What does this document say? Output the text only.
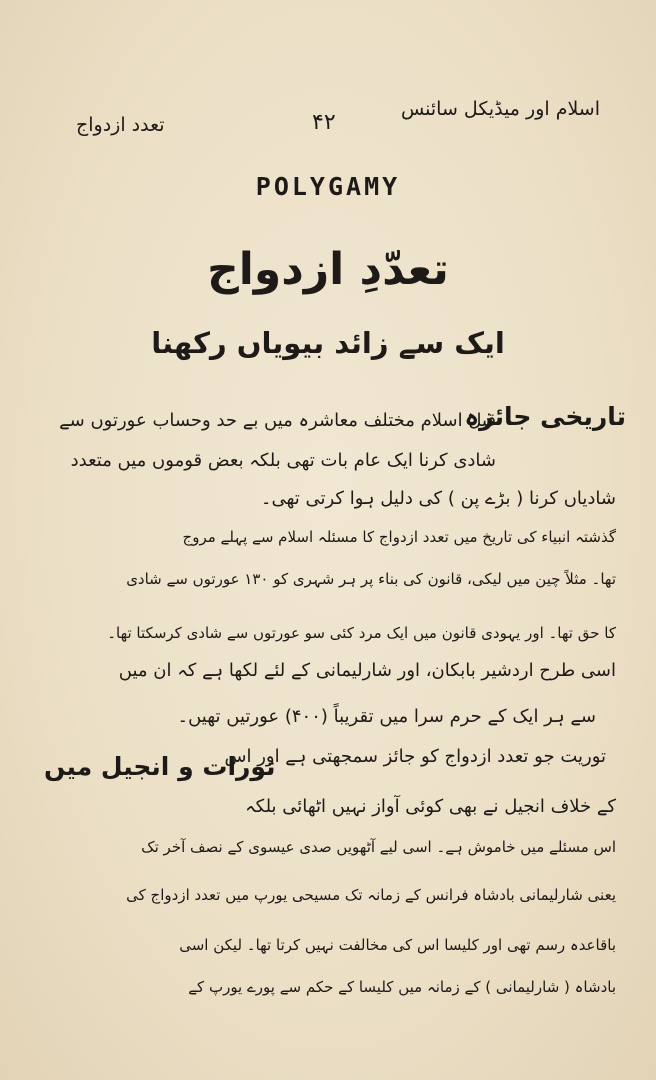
تعدد ازدواج	۴۲
اسلام اور میڈیکل سائنس
POLYGAMY
تعدّدِ ازدواج
ایک سے زائد بیویاں رکھنا
تاریخی جائزہ
قبل اسلام مختلف معاشرہ میں بے حد وحساب عورتوں سے
شادی کرنا ایک عام بات تھی بلکہ بعض قوموں میں متعدد
شادیاں کرنا ( بڑے پن ) کی دلیل ہوا کرتی تھی۔
گذشتہ انبیاء کی تاریخ میں تعدد ازدواج کا مسئلہ اسلام سے پہلے مروج
تھا۔ مثلاً چین میں لیکی، قانون کی بناء پر ہر شہری کو ۱۳۰ عورتوں سے شادی
کا حق تھا۔ اور یہودی قانون میں ایک مرد کئی سو عورتوں سے شادی کرسکتا تھا۔
اسی طرح اردشیر بابکان، اور شارلیمانی کے لئے لکھا ہے کہ ان میں
سے ہر ایک کے حرم سرا میں تقریباً (۴۰۰) عورتیں تھیں۔
تورات و انجیل میں
توریت جو تعدد ازدواج کو جائز سمجھتی ہے اور اس
کے خلاف انجیل نے بھی کوئی آواز نہیں اٹھائی بلکہ
اس مسئلے میں خاموش ہے۔ اسی لیے آٹھویں صدی عیسوی کے نصف آخر تک
یعنی شارلیمانی بادشاہ فرانس کے زمانہ تک مسیحی یورپ میں تعدد ازدواج کی
باقاعدہ رسم تھی اور کلیسا اس کی مخالفت نہیں کرتا تھا۔ لیکن اسی
بادشاہ ( شارلیمانی ) کے زمانہ میں کلیسا کے حکم سے پورے یورپ کے
